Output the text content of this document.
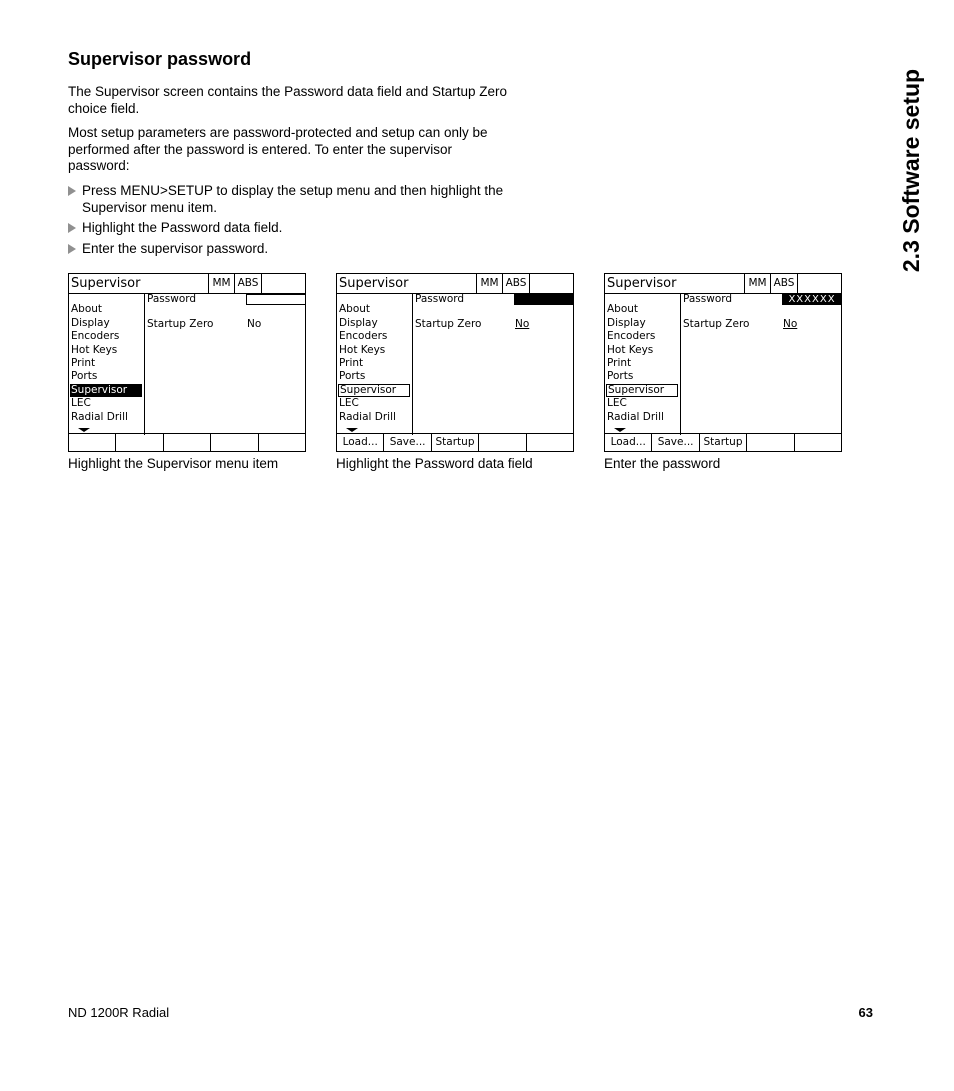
2.3 Software setup
Supervisor password

The Supervisor screen contains the Password data field and Startup Zero choice field.

Most setup parameters are password-protected and setup can only be performed after the password is entered. To enter the supervisor password:

Press MENU>SETUP to display the setup menu and then highlight the Supervisor menu item.
Highlight the Password data field.
Enter the supervisor password.
Supervisor	MM ABS
About
Display
Encoders
Hot Keys
Print
Ports
Supervisor
LEC
Radial Drill
Password
Startup Zero	No
Highlight the Supervisor menu item
Supervisor	MM ABS
About
Display
Encoders
Hot Keys
Print
Ports
Supervisor
LEC
Radial Drill
Password
Startup Zero	No
Load...	Save... Startup
Highlight the Password data field
Supervisor	MM ABS
About
Display
Encoders
Hot Keys
Print
Ports
Supervisor
LEC
Radial Drill
Password	XXXXXX
Startup Zero	No
Load...	Save... Startup
Enter the password
ND 1200R Radial	63
